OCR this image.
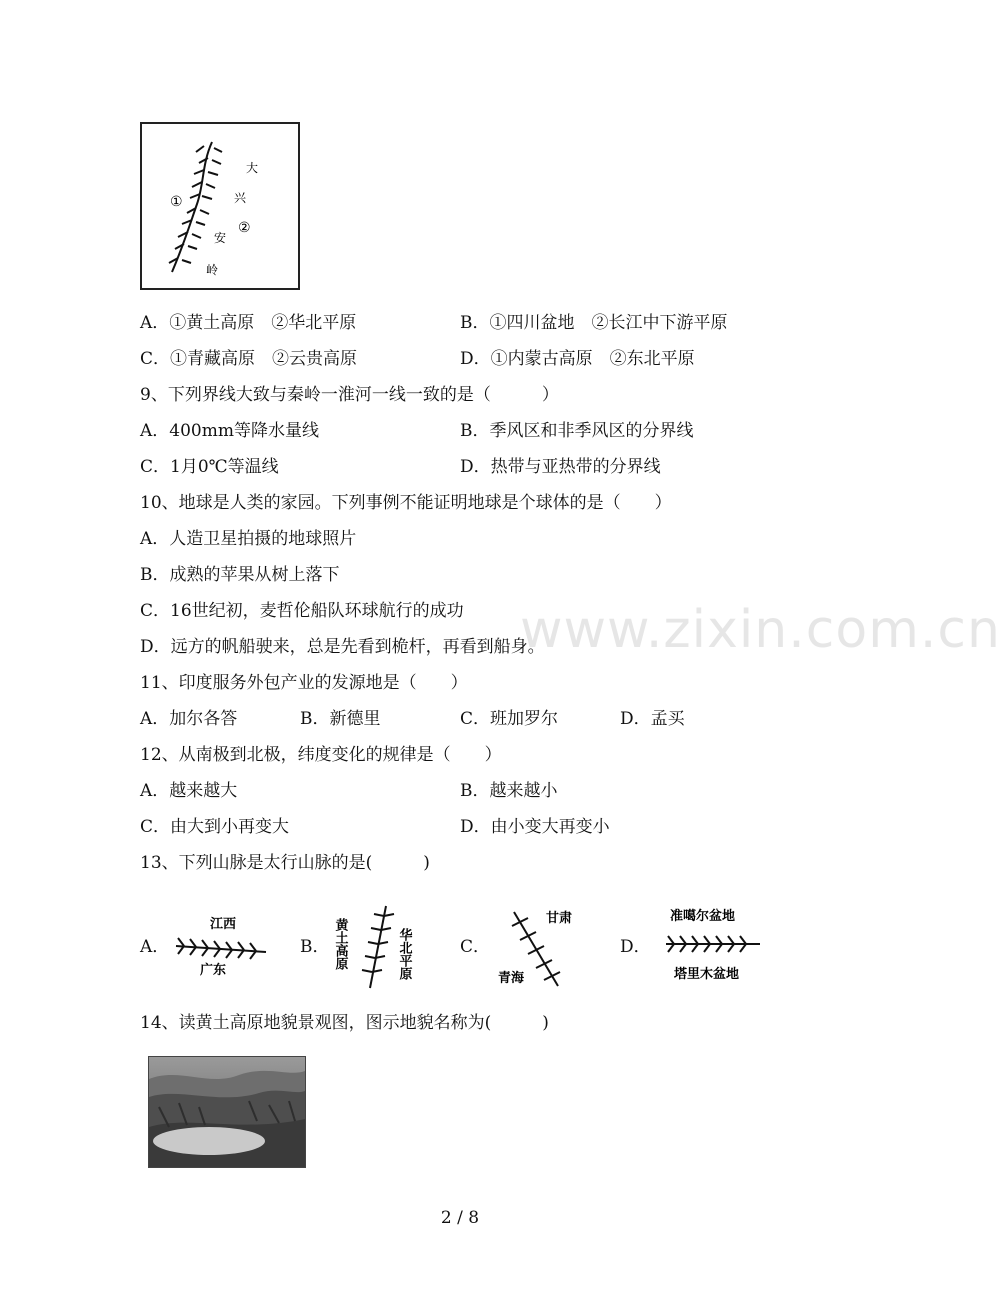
www.zixin.com.cn
大
兴
安
岭
①
②
A．①黄土高原　②华北平原	B．①四川盆地　②长江中下游平原
C．①青藏高原　②云贵高原	D．①内蒙古高原　②东北平原
9、下列界线大致与秦岭一淮河一线一致的是（　　　）
A．400mm等降水量线	B．季风区和非季风区的分界线
C．1月0℃等温线	D．热带与亚热带的分界线
10、地球是人类的家园。下列事例不能证明地球是个球体的是（　　）
A．人造卫星拍摄的地球照片
B．成熟的苹果从树上落下
C．16世纪初，麦哲伦船队环球航行的成功
D．远方的帆船驶来，总是先看到桅杆，再看到船身。
11、印度服务外包产业的发源地是（　　）
A．加尔各答	B．新德里	C．班加罗尔	D．孟买
12、从南极到北极，纬度变化的规律是（　　）
A．越来越大	B．越来越小
C．由大到小再变大	D．由小变大再变小
13、下列山脉是太行山脉的是(　　　)
A．
江西
广东
B． 黄土高原	华北平原	C．
甘肃
青海
D．
准噶尔盆地
塔里木盆地
14、读黄土高原地貌景观图，图示地貌名称为(　　　)
2 / 8
